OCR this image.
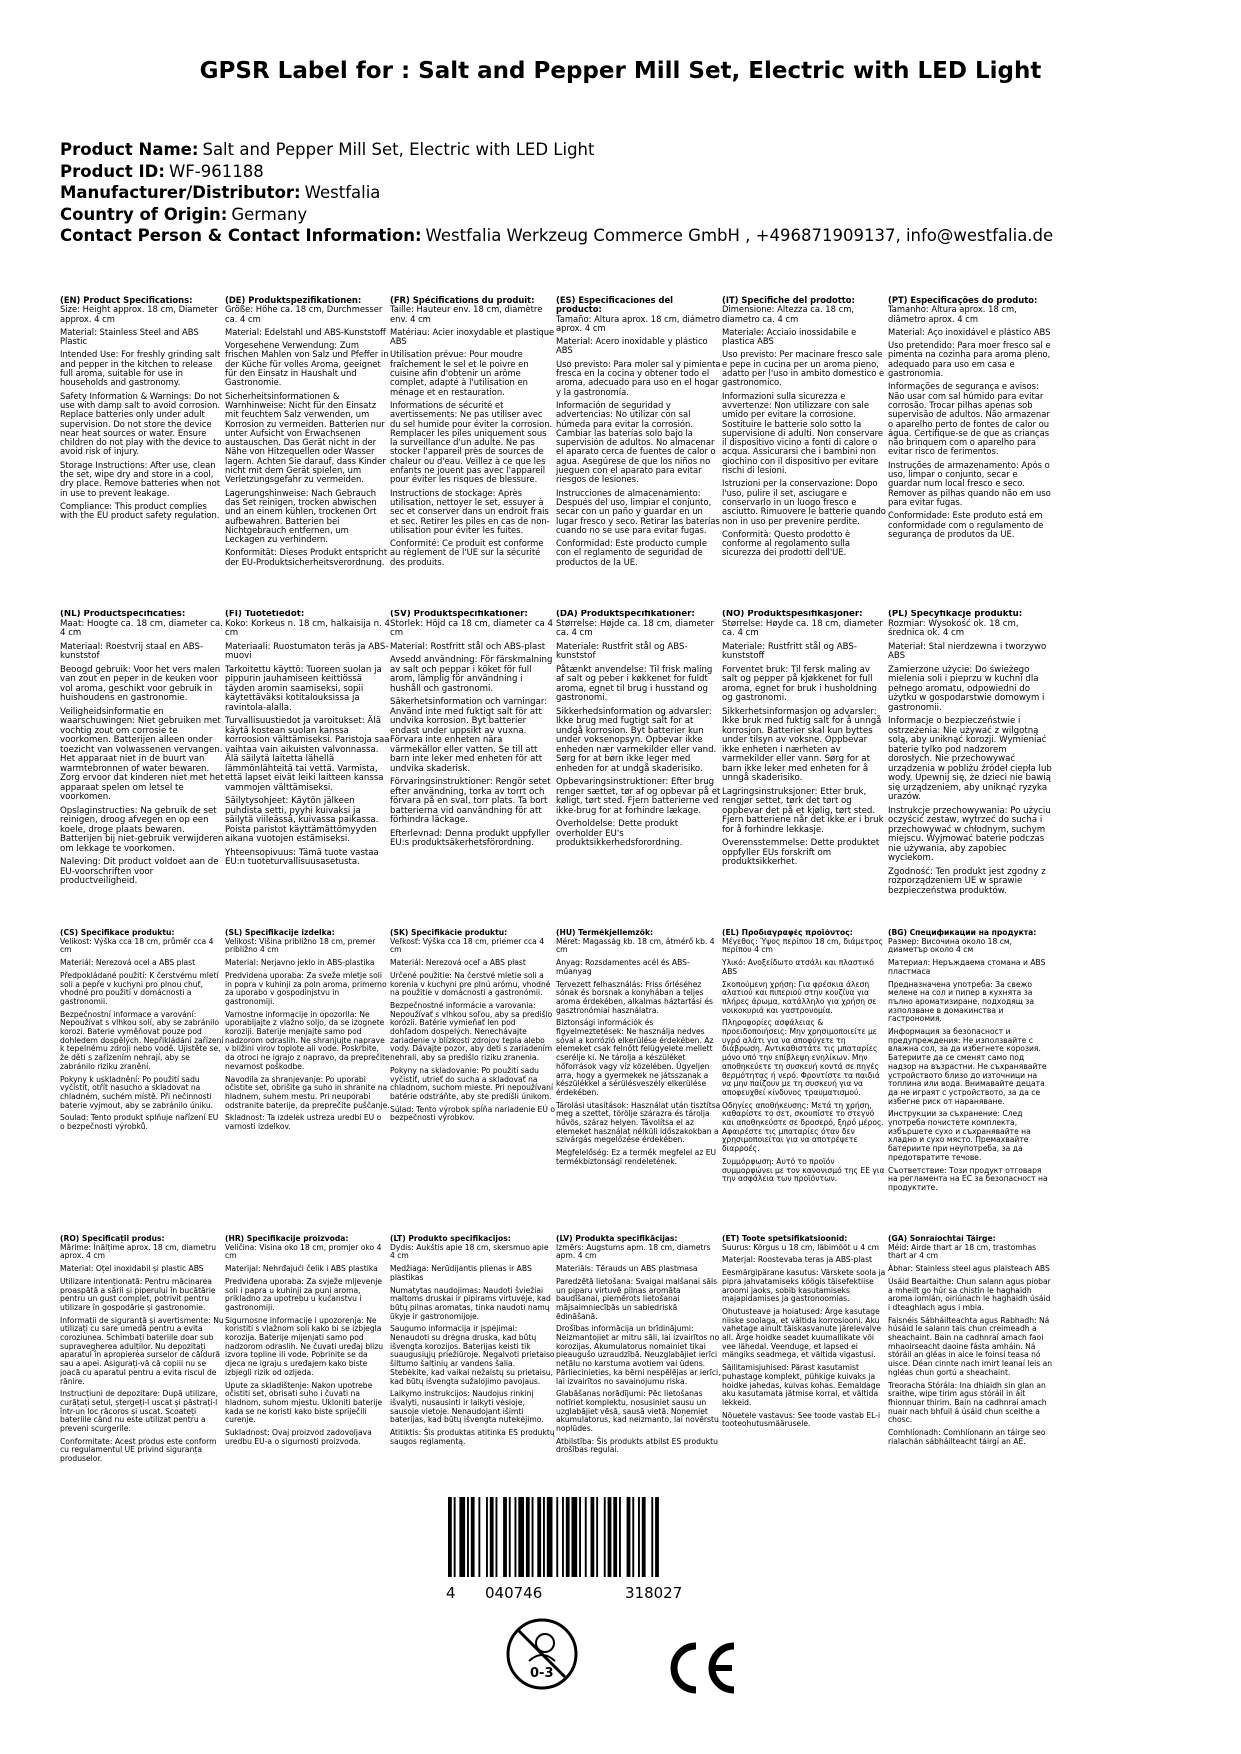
GPSR Label for : Salt and Pepper Mill Set, Electric with LED Light
Product Name: Salt and Pepper Mill Set, Electric with LED Light
Product ID: WF-961188
Manufacturer/Distributor: Westfalia
Country of Origin: Germany
Contact Person & Contact Information: Westfalia Werkzeug Commerce GmbH , +496871909137, info@westfalia.de
(EN) Product Specifications:

Size: Height approx. 18 cm, Diameter approx. 4 cm

Material: Stainless Steel and ABS Plastic

Intended Use: For freshly grinding salt and pepper in the kitchen to release full aroma, suitable for use in households and gastronomy.

Safety Information & Warnings: Do not use with damp salt to avoid corrosion. Replace batteries only under adult supervision. Do not store the device near heat sources or water. Ensure children do not play with the device to avoid risk of injury.

Storage Instructions: After use, clean the set, wipe dry and store in a cool, dry place. Remove batteries when not in use to prevent leakage.

Compliance: This product complies with the EU product safety regulation.

(DE) Produktspezifikationen:

Größe: Höhe ca. 18 cm, Durchmesser ca. 4 cm

Material: Edelstahl und ABS-Kunststoff

Vorgesehene Verwendung: Zum frischen Mahlen von Salz und Pfeffer in der Küche für volles Aroma, geeignet für den Einsatz in Haushalt und Gastronomie.

Sicherheitsinformationen & Warnhinweise: Nicht für den Einsatz mit feuchtem Salz verwenden, um Korrosion zu vermeiden. Batterien nur unter Aufsicht von Erwachsenen austauschen. Das Gerät nicht in der Nähe von Hitzequellen oder Wasser lagern. Achten Sie darauf, dass Kinder nicht mit dem Gerät spielen, um Verletzungsgefahr zu vermeiden.

Lagerungshinweise: Nach Gebrauch das Set reinigen, trocken abwischen und an einem kühlen, trockenen Ort aufbewahren. Batterien bei Nichtgebrauch entfernen, um Leckagen zu verhindern.

Konformität: Dieses Produkt entspricht der EU-Produktsicherheitsverordnung.

(FR) Spécifications du produit:

Taille: Hauteur env. 18 cm, diamètre env. 4 cm

Matériau: Acier inoxydable et plastique ABS

Utilisation prévue: Pour moudre fraîchement le sel et le poivre en cuisine afin d'obtenir un arôme complet, adapté à l'utilisation en ménage et en restauration.

Informations de sécurité et avertissements: Ne pas utiliser avec du sel humide pour éviter la corrosion. Remplacer les piles uniquement sous la surveillance d'un adulte. Ne pas stocker l'appareil près de sources de chaleur ou d'eau. Veillez à ce que les enfants ne jouent pas avec l'appareil pour éviter les risques de blessure.

Instructions de stockage: Après utilisation, nettoyer le set, essuyer à sec et conserver dans un endroit frais et sec. Retirer les piles en cas de non-utilisation pour éviter les fuites.

Conformité: Ce produit est conforme au règlement de l'UE sur la sécurité des produits.

(ES) Especificaciones del producto:

Tamaño: Altura aprox. 18 cm, diámetro aprox. 4 cm

Material: Acero inoxidable y plástico ABS

Uso previsto: Para moler sal y pimienta fresca en la cocina y obtener todo el aroma, adecuado para uso en el hogar y la gastronomía.

Información de seguridad y advertencias: No utilizar con sal húmeda para evitar la corrosión. Cambiar las baterías solo bajo la supervisión de adultos. No almacenar el aparato cerca de fuentes de calor o agua. Asegúrese de que los niños no jueguen con el aparato para evitar riesgos de lesiones.

Instrucciones de almacenamiento: Después del uso, limpiar el conjunto, secar con un paño y guardar en un lugar fresco y seco. Retirar las baterías cuando no se use para evitar fugas.

Conformidad: Este producto cumple con el reglamento de seguridad de productos de la UE.

(IT) Specifiche del prodotto:

Dimensione: Altezza ca. 18 cm, diametro ca. 4 cm

Materiale: Acciaio inossidabile e plastica ABS

Uso previsto: Per macinare fresco sale e pepe in cucina per un aroma pieno, adatto per l'uso in ambito domestico e gastronomico.

Informazioni sulla sicurezza e avvertenze: Non utilizzare con sale umido per evitare la corrosione. Sostituire le batterie solo sotto la supervisione di adulti. Non conservare il dispositivo vicino a fonti di calore o acqua. Assicurarsi che i bambini non giochino con il dispositivo per evitare rischi di lesioni.

Istruzioni per la conservazione: Dopo l'uso, pulire il set, asciugare e conservarlo in un luogo fresco e asciutto. Rimuovere le batterie quando non in uso per prevenire perdite.

Conformità: Questo prodotto è conforme al regolamento sulla sicurezza dei prodotti dell'UE.

(PT) Especificações do produto:

Tamanho: Altura aprox. 18 cm, diâmetro aprox. 4 cm

Material: Aço inoxidável e plástico ABS

Uso pretendido: Para moer fresco sal e pimenta na cozinha para aroma pleno, adequado para uso em casa e gastronomia.

Informações de segurança e avisos: Não usar com sal húmido para evitar corrosão. Trocar pilhas apenas sob supervisão de adultos. Não armazenar o aparelho perto de fontes de calor ou água. Certifique-se de que as crianças não brinquem com o aparelho para evitar risco de ferimentos.

Instruções de armazenamento: Após o uso, limpar o conjunto, secar e guardar num local fresco e seco. Remover as pilhas quando não em uso para evitar fugas.

Conformidade: Este produto está em conformidade com o regulamento de segurança de produtos da UE.

(NL) Productspecificaties:

Maat: Hoogte ca. 18 cm, diameter ca. 4 cm

Materiaal: Roestvrij staal en ABS-kunststof

Beoogd gebruik: Voor het vers malen van zout en peper in de keuken voor vol aroma, geschikt voor gebruik in huishoudens en gastronomie.

Veiligheidsinformatie en waarschuwingen: Niet gebruiken met vochtig zout om corrosie te voorkomen. Batterijen alleen onder toezicht van volwassenen vervangen. Het apparaat niet in de buurt van warmtebronnen of water bewaren. Zorg ervoor dat kinderen niet met het apparaat spelen om letsel te voorkomen.

Opslaginstructies: Na gebruik de set reinigen, droog afvegen en op een koele, droge plaats bewaren. Batterijen bij niet-gebruik verwijderen om lekkage te voorkomen.

Naleving: Dit product voldoet aan de EU-voorschriften voor productveiligheid.

(FI) Tuotetiedot:

Koko: Korkeus n. 18 cm, halkaisija n. 4 cm

Materiaali: Ruostumaton teräs ja ABS-muovi

Tarkoitettu käyttö: Tuoreen suolan ja pippurin jauhamiseen keittiössä täyden aromin saamiseksi, sopii käytettäväksi kotitalouksissa ja ravintola-alalla.

Turvallisuustiedot ja varoitukset: Älä käytä kostean suolan kanssa korroosion välttämiseksi. Paristoja saa vaihtaa vain aikuisten valvonnassa. Älä säilytä laitetta lähellä lämmönlähteitä tai vettä. Varmista, että lapset eivät leiki laitteen kanssa vammojen välttämiseksi.

Säilytysohjeet: Käytön jälkeen puhdista setti, pyyhi kuivaksi ja säilytä viileässä, kuivassa paikassa. Poista paristot käyttämättömyyden aikana vuotojen estämiseksi.

Yhteensopivuus: Tämä tuote vastaa EU:n tuoteturvallisuusasetusta.

(SV) Produktspecifikationer:

Storlek: Höjd ca 18 cm, diameter ca 4 cm

Material: Rostfritt stål och ABS-plast

Avsedd användning: För färskmalning av salt och peppar i köket för full arom, lämplig för användning i hushåll och gastronomi.

Säkerhetsinformation och varningar: Använd inte med fuktigt salt för att undvika korrosion. Byt batterier endast under uppsikt av vuxna. Förvara inte enheten nära värmekällor eller vatten. Se till att barn inte leker med enheten för att undvika skaderisk.

Förvaringsinstruktioner: Rengör setet efter användning, torka av torrt och förvara på en sval, torr plats. Ta bort batterierna vid oanvändning för att förhindra läckage.

Efterlevnad: Denna produkt uppfyller EU:s produktsäkerhetsförordning.

(DA) Produktspecifikationer:

Størrelse: Højde ca. 18 cm, diameter ca. 4 cm

Materiale: Rustfrit stål og ABS-kunststof

Påtænkt anvendelse: Til frisk maling af salt og peber i køkkenet for fuldt aroma, egnet til brug i husstand og gastronomi.

Sikkerhedsinformation og advarsler: Ikke brug med fugtigt salt for at undgå korrosion. Byt batterier kun under voksenopsyn. Opbevar ikke enheden nær varmekilder eller vand. Sørg for at børn ikke leger med enheden for at undgå skaderisiko.

Opbevaringsinstruktioner: Efter brug renger sættet, tør af og opbevar på et køligt, tørt sted. Fjern batterierne ved ikke-brug for at forhindre lækage.

Overholdelse: Dette produkt overholder EU's produktsikkerhedsforordning.

(NO) Produktspesifikasjoner:

Størrelse: Høyde ca. 18 cm, diameter ca. 4 cm

Materiale: Rustfritt stål og ABS-kunststoff

Forventet bruk: Til fersk maling av salt og pepper på kjøkkenet for full aroma, egnet for bruk i husholdning og gastronomi.

Sikkerhetsinformasjon og advarsler: Ikke bruk med fuktig salt for å unngå korrosjon. Batterier skal kun byttes under tilsyn av voksne. Oppbevar ikke enheten i nærheten av varmekilder eller vann. Sørg for at barn ikke leker med enheten for å unngå skaderisiko.

Lagringsinstruksjoner: Etter bruk, rengjør settet, tørk det tørt og oppbevar det på et kjølig, tørt sted. Fjern batteriene når det ikke er i bruk for å forhindre lekkasje.

Overensstemmelse: Dette produktet oppfyller EUs forskrift om produktsikkerhet.

(PL) Specyfikacje produktu:

Rozmiar: Wysokość ok. 18 cm, średnica ok. 4 cm

Materiał: Stal nierdzewna i tworzywo ABS

Zamierzone użycie: Do świeżego mielenia soli i pieprzu w kuchni dla pełnego aromatu, odpowiedni do użytku w gospodarstwie domowym i gastronomii.

Informacje o bezpieczeństwie i ostrzeżenia: Nie używać z wilgotną solą, aby uniknąć korozji. Wymieniać baterie tylko pod nadzorem dorosłych. Nie przechowywać urządzenia w pobliżu źródeł ciepła lub wody. Upewnij się, że dzieci nie bawią się urządzeniem, aby uniknąć ryzyka urazów.

Instrukcje przechowywania: Po użyciu oczyścić zestaw, wytrzeć do sucha i przechowywać w chłodnym, suchym miejscu. Wyjmować baterie podczas nie używania, aby zapobiec wyciekom.

Zgodność: Ten produkt jest zgodny z rozporządzeniem UE w sprawie bezpieczeństwa produktów.

(CS) Specifikace produktu:

Velikost: Výška cca 18 cm, průměr cca 4 cm

Materiál: Nerezová ocel a ABS plast

Předpokládané použití: K čerstvému mletí soli a pepře v kuchyni pro plnou chuť, vhodné pro použití v domácnosti a gastronomii.

Bezpečnostní informace a varování: Nepoužívat s vlhkou solí, aby se zabránilo korozi. Baterie vyměňovat pouze pod dohledem dospělých. Nepřikládání zařízení k tepelnému zdroji nebo vodě. Ujistěte se, že děti s zařízením nehrají, aby se zabránilo riziku zranění.

Pokyny k uskladnění: Po použití sadu vyčistit, otřít nasucho a skladovat na chladném, suchém místě. Při nečinnosti baterie vyjmout, aby se zabránilo úniku.

Soulad: Tento produkt splňuje nařízení EU o bezpečnosti výrobků.

(SL) Specifikacije izdelka:

Velikost: Višina približno 18 cm, premer približno 4 cm

Material: Nerjavno jeklo in ABS-plastika

Predvidena uporaba: Za sveže mletje soli in popra v kuhinji za poln aroma, primerno za uporabo v gospodinjstvu in gastronomiji.

Varnostne informacije in opozorila: Ne uporabljajte z vlažno soljo, da se izognete koroziji. Baterije menjajte samo pod nadzorom odraslih. Ne shranjujte naprave v bližini virov toplote ali vode. Poskrbite, da otroci ne igrajo z napravo, da preprečite nevarnost poškodbe.

Navodila za shranjevanje: Po uporabi očistite set, obrišite ga suho in shranite na hladnem, suhem mestu. Pri neuporabi odstranite baterije, da preprečite puščanje.

Skladnost: Ta izdelek ustreza uredbi EU o varnosti izdelkov.

(SK) Špecifikácie produktu:

Veľkosť: Výška cca 18 cm, priemer cca 4 cm

Materiál: Nerezová oceľ a ABS plast

Určené použitie: Na čerstvé mletie soli a korenia v kuchyni pre plnú arómu, vhodné na použitie v domácnosti a gastronómii.

Bezpečnostné informácie a varovania: Nepoužívať s vlhkou soľou, aby sa predišlo korózii. Batérie vymieňať len pod dohľadom dospelých. Nenechávajte zariadenie v blízkosti zdrojov tepla alebo vody. Dávajte pozor, aby deti s zariadením nehrali, aby sa predišlo riziku zranenia.

Pokyny na skladovanie: Po použití sadu vyčistiť, utrieť do sucha a skladovať na chladnom, suchom mieste. Pri nepoužívaní batérie odstráňte, aby ste predišli únikom.

Súlad: Tento výrobok spĺňa nariadenie EÚ o bezpečnosti výrobkov.

(HU) Termékjellemzők:

Méret: Magasság kb. 18 cm, átmérő kb. 4 cm

Anyag: Rozsdamentes acél és ABS-műanyag

Tervezett felhasználás: Friss őrléséhez sónak és borsnak a konyhában a teljes aroma érdekében, alkalmas háztartási és gasztronómiai használatra.

Biztonsági információk és figyelmeztetések: Ne használja nedves sóval a korrózió elkerülése érdekében. Az elemeket csak felnőtt felügyelete mellett cserélje ki. Ne tárolja a készüléket hőforrások vagy víz közelében. Ügyeljen arra, hogy a gyermekek ne játsszanak a készülékkel a sérülésveszély elkerülése érdekében.

Tárolási utasítások: Használat után tisztítsa meg a szettet, törölje szárazra és tárolja hűvös, száraz helyen. Távolítsa el az elemeket használat nélküli időszakokban a szivárgás megelőzése érdekében.

Megfelelőség: Ez a termék megfelel az EU termékbiztonsági rendeletének.

(EL) Προδιαγραφές προϊόντος:

Μέγεθος: Ύψος περίπου 18 cm, διάμετρος περίπου 4 cm

Υλικό: Ανοξείδωτο ατσάλι και πλαστικό ABS

Σκοπούμενη χρήση: Για φρέσκια άλεση αλατιού και πιπεριού στην κουζίνα για πλήρες άρωμα, κατάλληλο για χρήση σε νοικοκυριά και γαστρονομία.

Πληροφορίες ασφάλειας & προειδοποιήσεις: Μην χρησιμοποιείτε με υγρό αλάτι για να αποφύγετε τη διάβρωση. Αντικαθιστάτε τις μπαταρίες μόνο υπό την επίβλεψη ενηλίκων. Μην αποθηκεύετε τη συσκευή κοντά σε πηγές θερμότητας ή νερό. Φροντίστε τα παιδιά να μην παίζουν με τη συσκευή για να αποφευχθεί κίνδυνος τραυματισμού.

Οδηγίες αποθήκευσης: Μετά τη χρήση, καθαρίστε το σετ, σκουπίστε το στεγνό και αποθηκεύστε σε δροσερό, ξηρό μέρος. Αφαιρέστε τις μπαταρίες όταν δεν χρησιμοποιείται για να αποτρέψετε διαρροές.

Συμμόρφωση: Αυτό το προϊόν συμμορφώνει με τον κανονισμό της ΕΕ για την ασφάλεια των προϊόντων.

(BG) Спецификации на продукта:

Размер: Височина около 18 см, диаметър около 4 см

Материал: Неръждаема стомана и ABS пластмаса

Предназначена употреба: За свежо мелене на сол и пипер в кухнята за пълно ароматизиране, подходящ за използване в домакинства и гастрономия.

Информация за безопасност и предупреждения: Не използвайте с влажна сол, за да избегнете корозия. Батериите да се сменят само под надзор на възрастни. Не съхранявайте устройството близо до източници на топлина или вода. Внимавайте децата да не играят с устройството, за да се избегне риск от нараняване.

Инструкции за съхранение: След употреба почистете комплекта, избършете сухо и съхранявайте на хладно и сухо място. Премахвайте батериите при неупотреба, за да предотвратите течове.

Съответствие: Този продукт отговаря на регламента на ЕС за безопасност на продуктите.

(RO) Specificații produs:

Mărime: Înălțime aprox. 18 cm, diametru aprox. 4 cm

Material: Oțel inoxidabil și plastic ABS

Utilizare intenționată: Pentru măcinarea proaspătă a sării și piperului în bucătărie pentru un gust complet, potrivit pentru utilizare în gospodărie și gastronomie.

Informații de siguranță și avertismente: Nu utilizați cu sare umedă pentru a evita coroziunea. Schimbați bateriile doar sub supravegherea adulților. Nu depozitați aparatul în apropierea surselor de căldură sau a apei. Asigurați-vă că copiii nu se joacă cu aparatul pentru a evita riscul de rănire.

Instrucțiuni de depozitare: După utilizare, curățați setul, ștergeți-l uscat și păstrați-l într-un loc răcoros și uscat. Scoateți bateriile când nu este utilizat pentru a preveni scurgerile.

Conformitate: Acest produs este conform cu regulamentul UE privind siguranța produselor.

(HR) Specifikacije proizvoda:

Veličina: Visina oko 18 cm, promjer oko 4 cm

Materijal: Nehrđajući čelik i ABS plastika

Predviđena uporaba: Za svježe mljevenje soli i papra u kuhinji za puni aroma, prikladno za upotrebu u kućanstvu i gastronomiji.

Sigurnosne informacije i upozorenja: Ne koristiti s vlažnom soli kako bi se izbjegla korozija. Baterije mijenjati samo pod nadzorom odraslih. Ne čuvati uređaj blizu izvora topline ili vode. Pobrinite se da djeca ne igraju s uređajem kako biste izbjegli rizik od ozljeda.

Upute za skladištenje: Nakon upotrebe očistiti set, obrisati suho i čuvati na hladnom, suhom mjestu. Ukloniti baterije kada se ne koristi kako biste spriječili curenje.

Sukladnost: Ovaj proizvod zadovoljava uredbu EU-a o sigurnosti proizvoda.

(LT) Produkto specifikacijos:

Dydis: Aukštis apie 18 cm, skersmuo apie 4 cm

Medžiaga: Nerūdijantis plienas ir ABS plastikas

Numatytas naudojimas: Naudoti šviežiai maltoms druskai ir pipirams virtuvėje, kad būtų pilnas aromatas, tinka naudoti namų ūkyje ir gastronomijoje.

Saugumo informacija ir įspėjimai: Nenaudoti su drėgna druska, kad būtų išvengta korozijos. Baterijas keisti tik suaugusiųjų priežiūroje. Negalvoti prietaiso šiltumo šaltinių ar vandens šalia. Stebėkite, kad vaikai nežaistų su prietaisu, kad būtų išvengta sužalojimo pavojaus.

Laikymo instrukcijos: Naudojus rinkinį išvalyti, nusausinti ir laikyti vėsioje, sausoje vietoje. Nenaudojant išimti baterijas, kad būtų išvengta nutekėjimo.

Atitiktis: Šis produktas atitinka ES produktų saugos reglamentą.

(LV) Produkta specifikācijas:

Izmērs: Augstums apm. 18 cm, diametrs apm. 4 cm

Materiāls: Tērauds un ABS plastmasa

Paredzētā lietošana: Svaigai malšanai sāls un piparu virtuvē pilnas aromāta baudīšanai, piemērots lietošanai mājsaimniecībās un sabiedriskā ēdināšanā.

Drošības informācija un brīdinājumi: Neizmantojiet ar mitru sāli, lai izvairītos no korozijas. Akumulatorus nomainiet tikai pieaugušo uzraudzībā. Neuzglabājiet ierīci netālu no karstuma avotiem vai ūdens. Pārliecinieties, ka bērni nespēlējas ar ierīci, lai izvairītos no savainojumu riska.

Glabāšanas norādījumi: Pēc lietošanas notīriet komplektu, nosusiniet sausu un uzglabājiet vēsā, sausā vietā. Noņemiet akumulatorus, kad neizmanto, lai novērstu noplūdes.

Atbilstība: Šis produkts atbilst ES produktu drošības regulai.

(ET) Toote spetsifikatsioonid:

Suurus: Kõrgus u 18 cm, läbimõõt u 4 cm

Materjal: Roostevaba teras ja ABS-plast

Eesmärgipärane kasutus: Värskete soola ja pipra jahvatamiseks köögis täisefektiise aroomi jaoks, sobib kasutamiseks majapidamises ja gastronoomias.

Ohutusteave ja hoiatused: Ärge kasutage niiske soolaga, et vältida korrosiooni. Aku vahetage ainult täiskasvanute järelevalve all. Ärge hoidke seadet kuumallikate või vee lähedal. Veenduge, et lapsed ei mängiks seadmega, et vältida vigastusi.

Säilitamisjuhised: Pärast kasutamist puhastage komplekt, pühkige kuivaks ja hoidke jahedas, kuivas kohas. Eemaldage aku kasutamata jätmise korral, et vältida lekkeid.

Nõuetele vastavus: See toode vastab EL-i tooteohutusmäärusele.

(GA) Sonraíochtaí Táirge:

Méid: Airde thart ar 18 cm, trastomhas thart ar 4 cm

Ábhar: Stainless steel agus plaisteach ABS

Úsáid Beartaithe: Chun salann agus piobar a mheilt go húr sa chistin le haghaidh aroma iomlán, oiriúnach le haghaidh úsáid i dteaghlach agus i mbia.

Faisnéis Sábháilteachta agus Rabhadh: Ná húsáid le salann tais chun creimeadh a sheachaint. Bain na cadhnraí amach faoi mhaoirseacht daoine fásta amháin. Ná stóráil an gléas in aice le foinsí teasa nó uisce. Déan cinnte nach imirt leanaí leis an ngléas chun gortú a sheachaint.

Treoracha Stórála: Ina dhiaidh sin glan an sraithe, wipe tirim agus stóráil in áit fhionnuar thirim. Bain na cadhnraí amach nuair nach bhfuil á úsáid chun sceithe a chosc.

Comhlíonadh: Comhlíonann an táirge seo rialachán sábháilteacht táirgí an AE.

4 040746	318027
0-3
